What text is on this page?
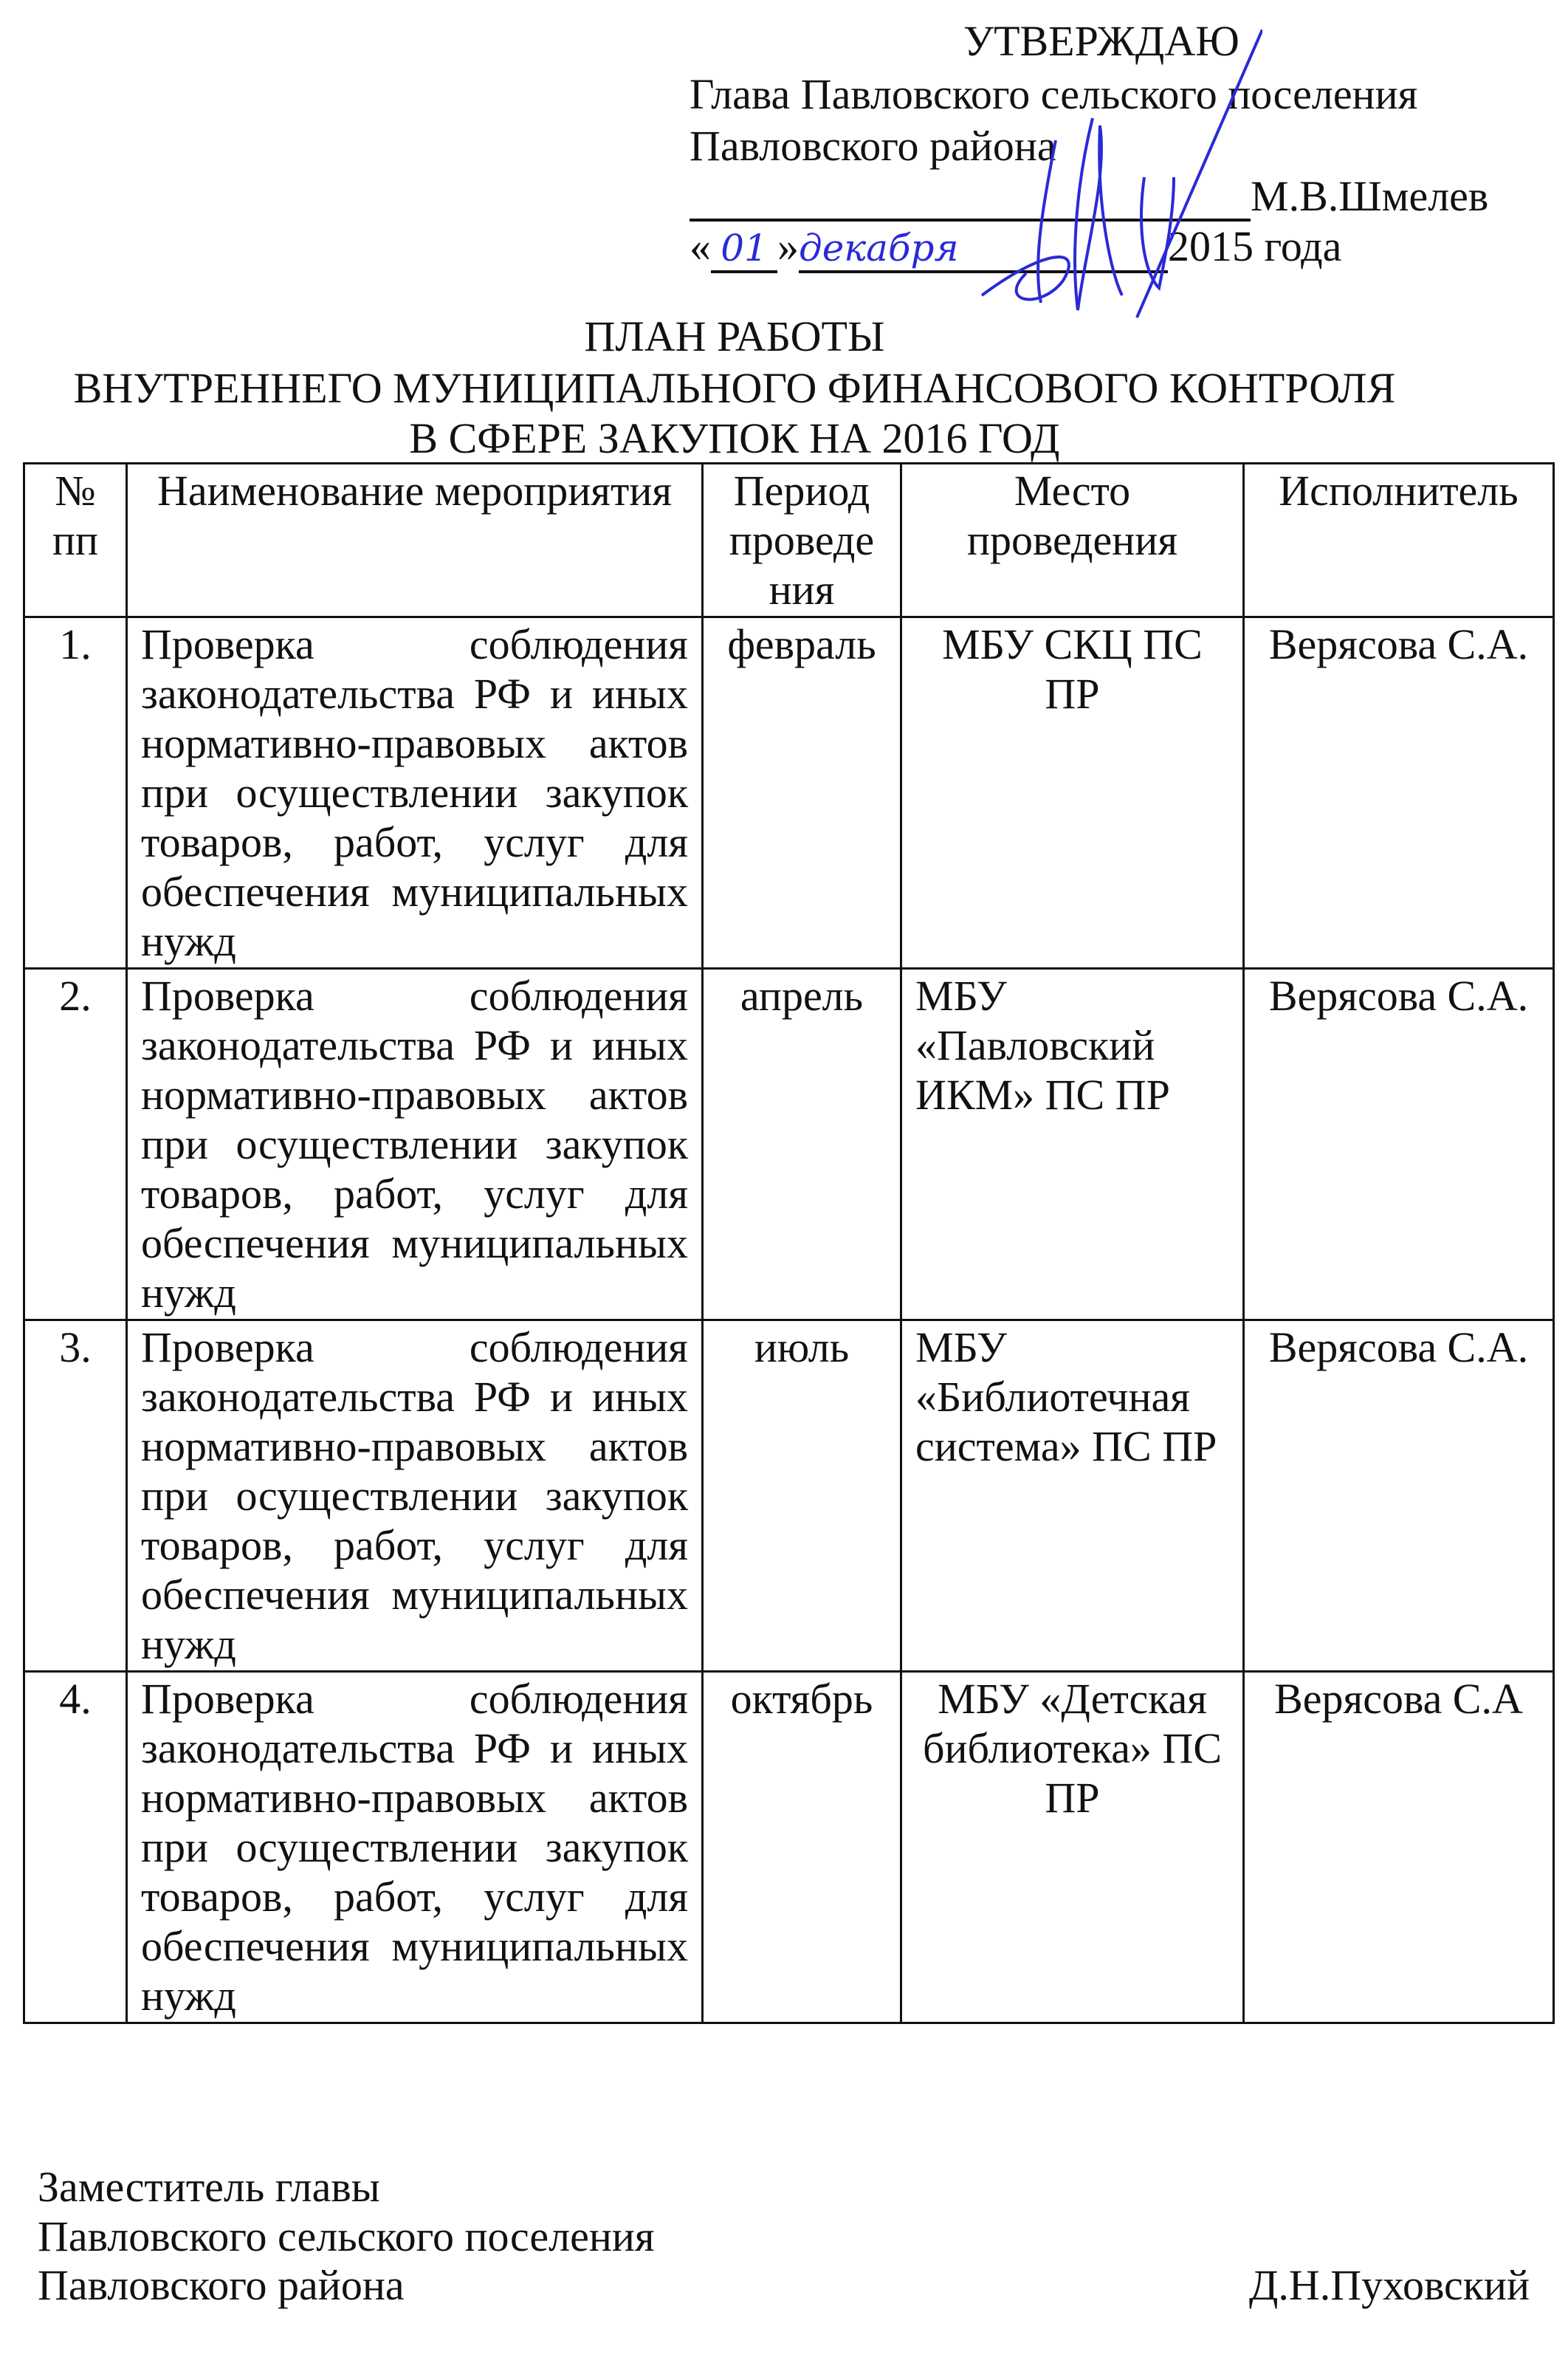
УТВЕРЖДАЮ
Глава Павловского сельского поселения
Павловского района
М.В.Шмелев
« 01 »декабря	2015 года
ПЛАН РАБОТЫ
ВНУТРЕННЕГО МУНИЦИПАЛЬНОГО ФИНАНСОВОГО КОНТРОЛЯ
В СФЕРЕ ЗАКУПОК НА 2016 ГОД
№ пп	Наименование мероприятия	Период проведе ния	Место проведения	Исполнитель
1.	Проверка соблюдения законодательства РФ и иных нормативно-правовых актов при осуществлении закупок товаров, работ, услуг для обеспечения муниципальных нужд	февраль	МБУ СКЦ ПС ПР	Верясова С.А.
2.	Проверка соблюдения законодательства РФ и иных нормативно-правовых актов при осуществлении закупок товаров, работ, услуг для обеспечения муниципальных нужд	апрель	МБУ «Павловский ИКМ» ПС ПР	Верясова С.А.
3.	Проверка соблюдения законодательства РФ и иных нормативно-правовых актов при осуществлении закупок товаров, работ, услуг для обеспечения муниципальных нужд	июль	МБУ «Библиотечная система» ПС ПР	Верясова С.А.
4.	Проверка соблюдения законодательства РФ и иных нормативно-правовых актов при осуществлении закупок товаров, работ, услуг для обеспечения муниципальных нужд	октябрь	МБУ «Детская библиотека» ПС ПР	Верясова С.А
Заместитель главы
Павловского сельского поселения
Павловского района	Д.Н.Пуховский
